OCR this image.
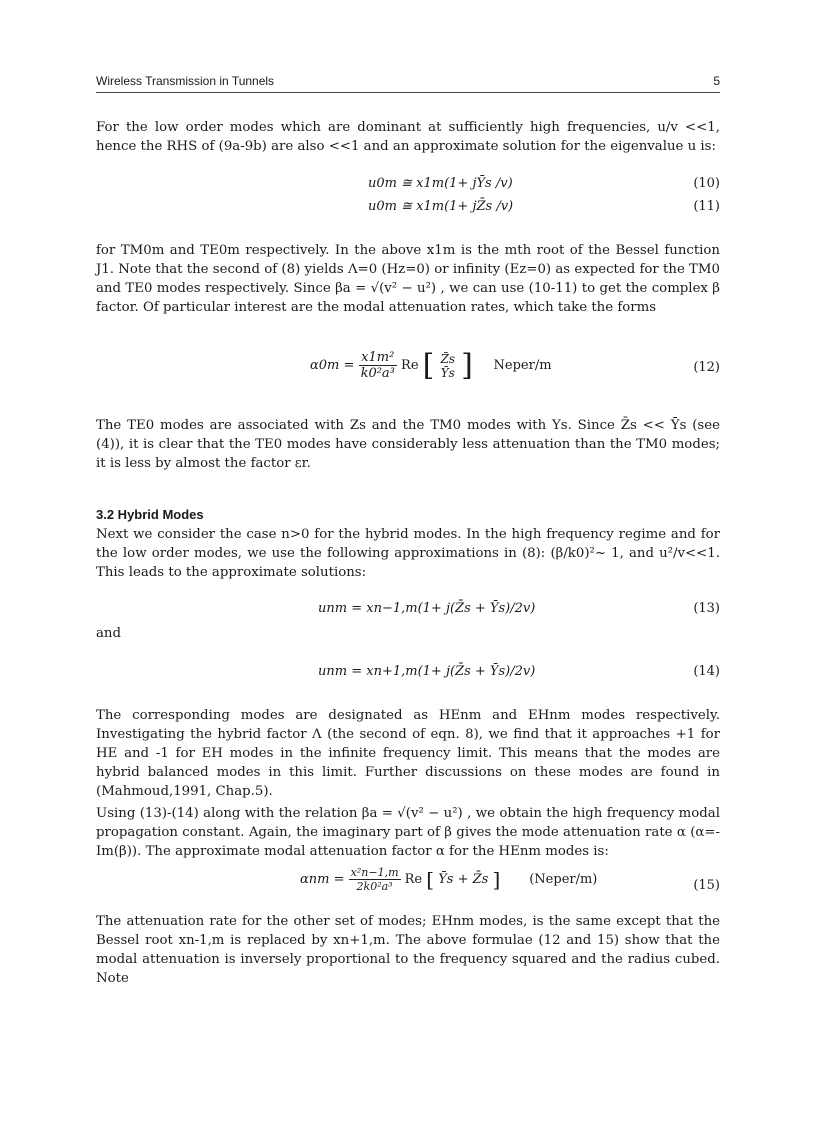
Wireless Transmission in Tunnels	5
For the low order modes which are dominant at sufficiently high frequencies, u/v <<1, hence the RHS of (9a-9b) are also <<1 and an approximate solution for the eigenvalue u is:
u0m ≅ x1m(1+ jȲs /v)	(10)
u0m ≅ x1m(1+ jZ̄s /v)	(11)
for TM0m and TE0m respectively. In the above x1m is the mth root of the Bessel function J1. Note that the second of (8) yields Λ=0 (Hz=0) or infinity (Ez=0) as expected for the TM0 and TE0 modes respectively. Since βa = √(v² − u²) , we can use (10-11) to get the complex β factor. Of particular interest are the modal attenuation rates, which take the forms
$\alpha 0m = \frac{\text{x1m²}}{\text{k0²a³}}$ Re [ Z̄s
Ȳs ] Neper/m	(12)
The TE0 modes are associated with Zs and the TM0 modes with Ys. Since Z̄s << Ȳs (see (4)), it is clear that the TE0 modes have considerably less attenuation than the TM0 modes; it is less by almost the factor εr.
3.2 Hybrid Modes
Next we consider the case n>0 for the hybrid modes. In the high frequency regime and for the low order modes, we use the following approximations in (8): (β/k0)²~ 1, and u²/v<<1. This leads to the approximate solutions:
unm = xn−1,m(1+ j(Z̄s + Ȳs)/2v)	(13)
and
unm = xn+1,m(1+ j(Z̄s + Ȳs)/2v)	(14)
The corresponding modes are designated as HEnm and EHnm modes respectively. Investigating the hybrid factor Λ (the second of eqn. 8), we find that it approaches +1 for HE and -1 for EH modes in the infinite frequency limit. This means that the modes are hybrid balanced modes in this limit. Further discussions on these modes are found in (Mahmoud,1991, Chap.5).
Using (13)-(14) along with the relation βa = √(v² − u²) , we obtain the high frequency modal propagation constant. Again, the imaginary part of β gives the mode attenuation rate α (α=-Im(β)). The approximate modal attenuation factor α for the HEnm modes is:
$\alpha nm = \frac{\text{x²n−1,m}}{\text{2k0²a³}}$ Re [ Ȳs + Z̄s ] (Neper/m)	(15)
The attenuation rate for the other set of modes; EHnm modes, is the same except that the Bessel root xn-1,m is replaced by xn+1,m. The above formulae (12 and 15) show that the modal attenuation is inversely proportional to the frequency squared and the radius cubed. Note
